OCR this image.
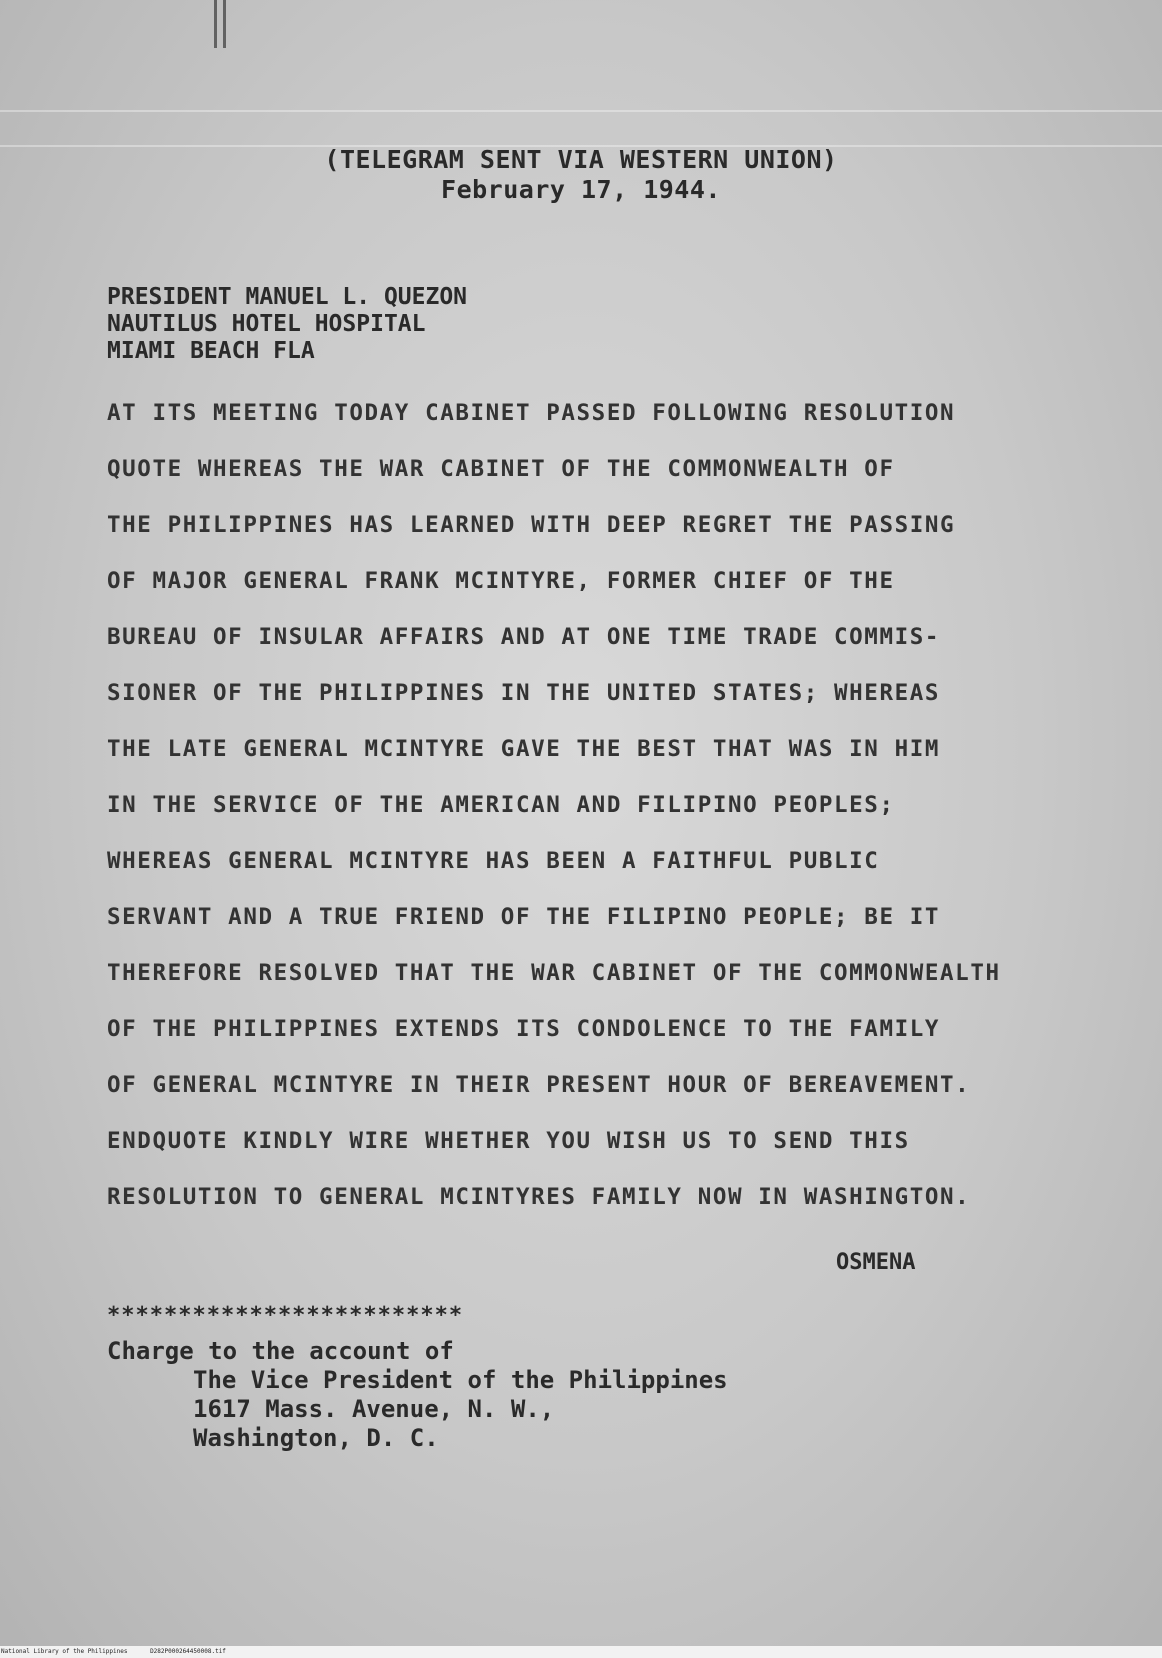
(TELEGRAM SENT VIA WESTERN UNION)
February 17, 1944.
PRESIDENT MANUEL L. QUEZON
NAUTILUS HOTEL HOSPITAL
MIAMI BEACH FLA
AT ITS MEETING TODAY CABINET PASSED FOLLOWING RESOLUTION
QUOTE WHEREAS THE WAR CABINET OF THE COMMONWEALTH OF
THE PHILIPPINES HAS LEARNED WITH DEEP REGRET THE PASSING
OF MAJOR GENERAL FRANK MCINTYRE, FORMER CHIEF OF THE
BUREAU OF INSULAR AFFAIRS AND AT ONE TIME TRADE COMMIS-
SIONER OF THE PHILIPPINES IN THE UNITED STATES; WHEREAS
THE LATE GENERAL MCINTYRE GAVE THE BEST THAT WAS IN HIM
IN THE SERVICE OF THE AMERICAN AND FILIPINO PEOPLES;
WHEREAS GENERAL MCINTYRE HAS BEEN A FAITHFUL PUBLIC
SERVANT AND A TRUE FRIEND OF THE FILIPINO PEOPLE; BE IT
THEREFORE RESOLVED THAT THE WAR CABINET OF THE COMMONWEALTH
OF THE PHILIPPINES EXTENDS ITS CONDOLENCE TO THE FAMILY
OF GENERAL MCINTYRE IN THEIR PRESENT HOUR OF BEREAVEMENT.
ENDQUOTE KINDLY WIRE WHETHER YOU WISH US TO SEND THIS
RESOLUTION TO GENERAL MCINTYRES FAMILY NOW IN WASHINGTON.
OSMENA
*************************
Charge to the account of
The Vice President of the Philippines
1617 Mass. Avenue, N. W.,
Washington, D. C.
National Library of the Philippines	D282P000264450008.tif
